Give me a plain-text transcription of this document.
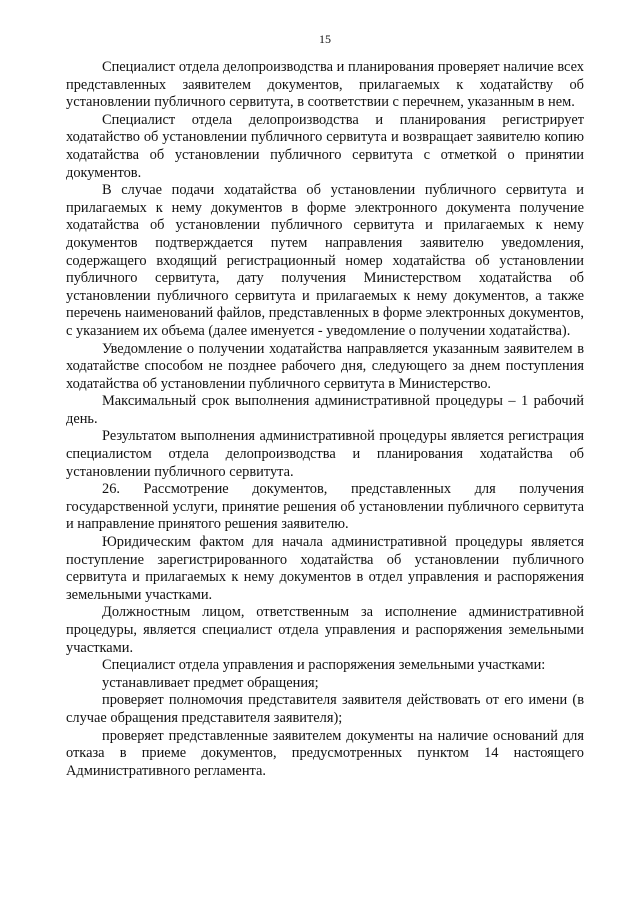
15

Специалист отдела делопроизводства и планирования проверяет наличие всех представленных заявителем документов, прилагаемых к ходатайству об установлении публичного сервитута, в соответствии с перечнем, указанным в нем.

Специалист отдела делопроизводства и планирования регистрирует ходатайство об установлении публичного сервитута и возвращает заявителю копию ходатайства об установлении публичного сервитута с отметкой о принятии документов.

В случае подачи ходатайства об установлении публичного сервитута и прилагаемых к нему документов в форме электронного документа получение ходатайства об установлении публичного сервитута и прилагаемых к нему документов подтверждается путем направления заявителю уведомления, содержащего входящий регистрационный номер ходатайства об установлении публичного сервитута, дату получения Министерством ходатайства об установлении публичного сервитута и прилагаемых к нему документов, а также перечень наименований файлов, представленных в форме электронных документов, с указанием их объема (далее именуется - уведомление о получении ходатайства).

Уведомление о получении ходатайства направляется указанным заявителем в ходатайстве способом не позднее рабочего дня, следующего за днем поступления ходатайства об установлении публичного сервитута в Министерство.

Максимальный срок выполнения административной процедуры – 1 рабочий день.

Результатом выполнения административной процедуры является регистрация специалистом отдела делопроизводства и планирования ходатайства об установлении публичного сервитута.

26. Рассмотрение документов, представленных для получения государственной услуги, принятие решения об установлении публичного сервитута и направление принятого решения заявителю.

Юридическим фактом для начала административной процедуры является поступление зарегистрированного ходатайства об установлении публичного сервитута и прилагаемых к нему документов в отдел управления и распоряжения земельными участками.

Должностным лицом, ответственным за исполнение административной процедуры, является специалист отдела управления и распоряжения земельными участками.

Специалист отдела управления и распоряжения земельными участками:

устанавливает предмет обращения;

проверяет полномочия представителя заявителя действовать от его имени (в случае обращения представителя заявителя);

проверяет представленные заявителем документы на наличие оснований для отказа в приеме документов, предусмотренных пунктом 14 настоящего Административного регламента.
